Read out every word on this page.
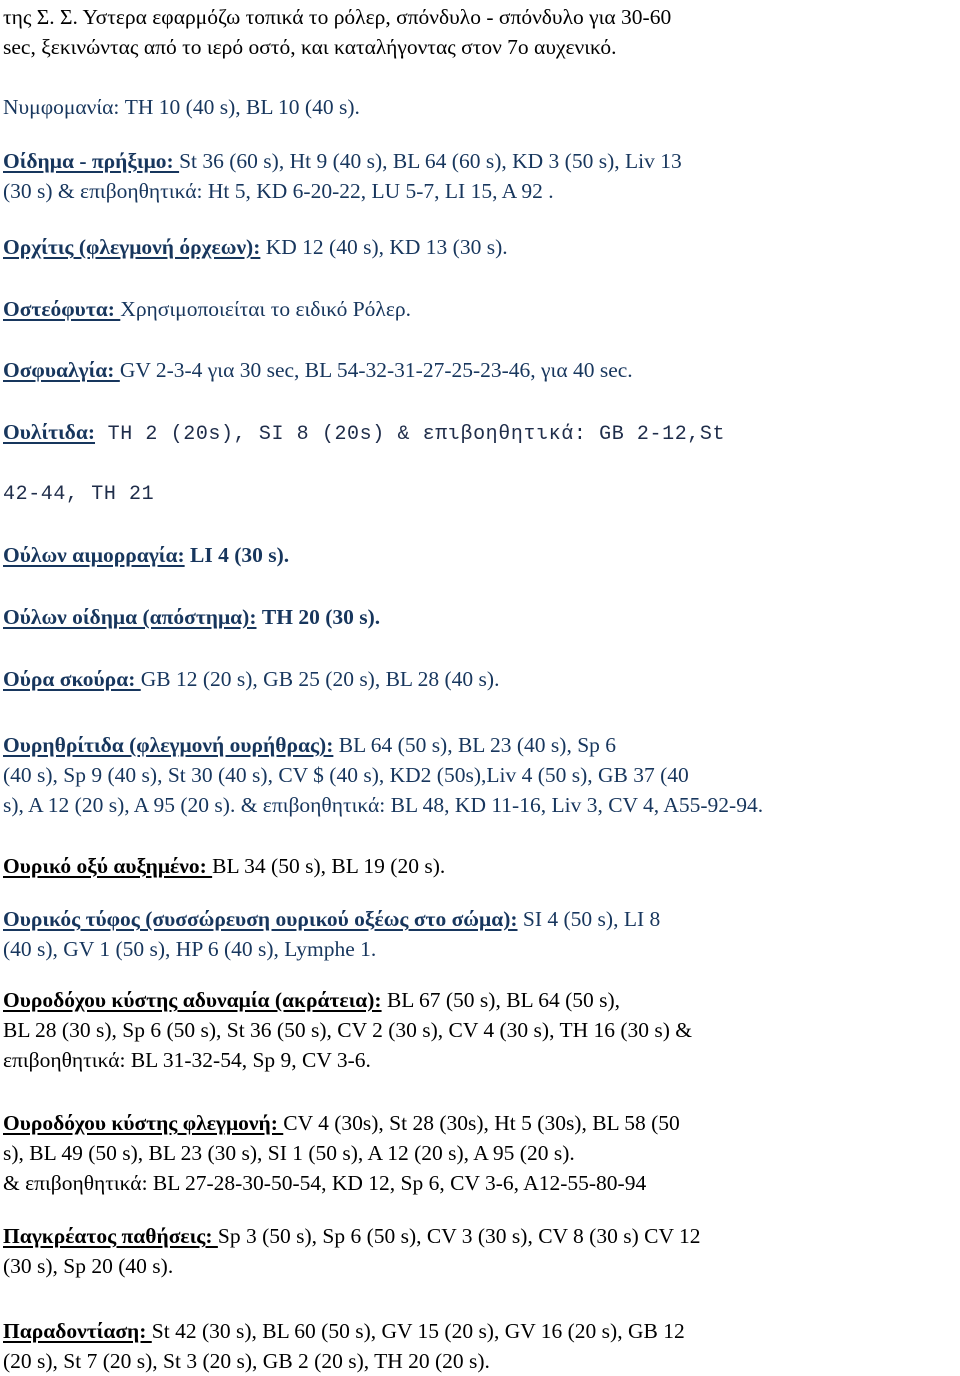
της Σ. Σ. Υστερα εφαρμόζω τοπικά το ρόλερ, σπόνδυλο - σπόνδυλο για 30-60
sec, ξεκινώντας από το ιερό οστό, και καταλήγοντας στον 7ο αυχενικό.
Νυμφομανία: TH 10 (40 s), BL 10 (40 s).
Οίδημα - πρήξιμο: St 36 (60 s), Ht 9 (40 s), BL 64 (60 s), KD 3 (50 s), Liv 13
(30 s) & επιβοηθητικά: Ht 5, KD 6-20-22, LU 5-7, LI 15, A 92 .
Ορχίτις (φλεγμονή όρχεων): KD 12 (40 s), KD 13 (30 s).
Οστεόφυτα: Χρησιμοποιείται το ειδικό Ρόλερ.
Οσφυαλγία: GV 2-3-4 για 30 sec, BL 54-32-31-27-25-23-46, για 40 sec.
Ουλίτιδα: TH 2 (20s), SI 8 (20s) & επιβοηθητικά: GB 2-12,St
42-44, TH 21
Ούλων αιμορραγία: LI 4 (30 s).
Ούλων οίδημα (απόστημα): TH 20 (30 s).
Ούρα σκούρα: GB 12 (20 s), GB 25 (20 s), BL 28 (40 s).
Ουρηθρίτιδα (φλεγμονή ουρήθρας): BL 64 (50 s), BL 23 (40 s), Sp 6
(40 s), Sp 9 (40 s), St 30 (40 s), CV $ (40 s), KD2 (50s),Liv 4 (50 s), GB 37 (40
s), A 12 (20 s), A 95 (20 s). & επιβοηθητικά: BL 48, KD 11-16, Liv 3, CV 4, A55-92-94.
Ουρικό οξύ αυξημένο: BL 34 (50 s), BL 19 (20 s).
Ουρικός τύφος (συσσώρευση ουρικού οξέως στο σώμα): SI 4 (50 s), LI 8
(40 s), GV 1 (50 s), HP 6 (40 s), Lymphe 1.
Ουροδόχου κύστης αδυναμία (ακράτεια): BL 67 (50 s), BL 64 (50 s),
BL 28 (30 s), Sp 6 (50 s), St 36 (50 s), CV 2 (30 s), CV 4 (30 s), TH 16 (30 s) &
επιβοηθητικά: BL 31-32-54, Sp 9, CV 3-6.
Ουροδόχου κύστης φλεγμονή: CV 4 (30s), St 28 (30s), Ht 5 (30s), BL 58 (50
s), BL 49 (50 s), BL 23 (30 s), SI 1 (50 s), A 12 (20 s), A 95 (20 s).
& επιβοηθητικά: BL 27-28-30-50-54, KD 12, Sp 6, CV 3-6, A12-55-80-94
Παγκρέατος παθήσεις: Sp 3 (50 s), Sp 6 (50 s), CV 3 (30 s), CV 8 (30 s) CV 12
(30 s), Sp 20 (40 s).
Παραδοντίαση: St 42 (30 s), BL 60 (50 s), GV 15 (20 s), GV 16 (20 s), GB 12
(20 s), St 7 (20 s), St 3 (20 s), GB 2 (20 s), TH 20 (20 s).
